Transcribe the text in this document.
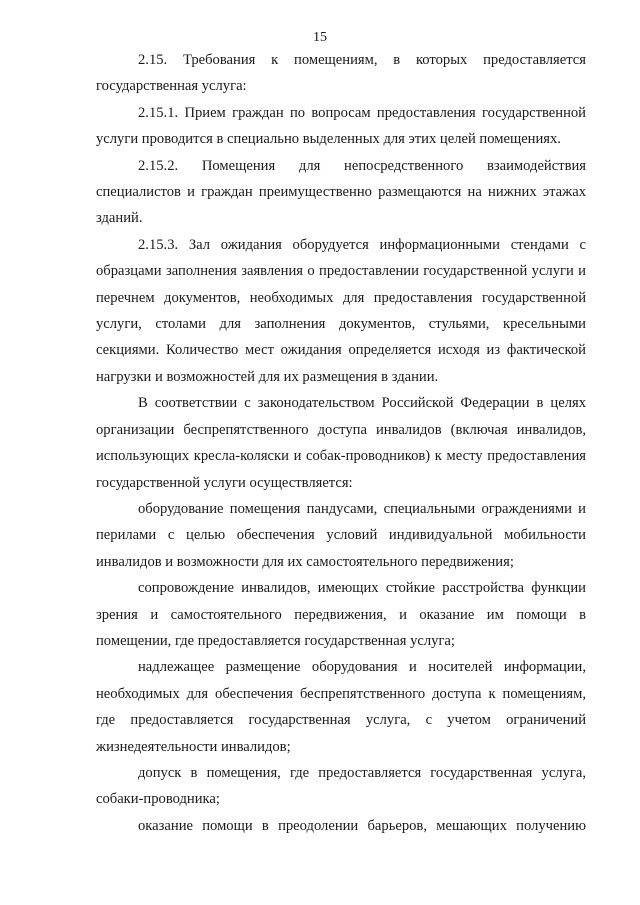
15

2.15. Требования к помещениям, в которых предоставляется государственная услуга:

2.15.1. Прием граждан по вопросам предоставления государственной услуги проводится в специально выделенных для этих целей помещениях.

2.15.2. Помещения для непосредственного взаимодействия специалистов и граждан преимущественно размещаются на нижних этажах зданий.

2.15.3. Зал ожидания оборудуется информационными стендами с образцами заполнения заявления о предоставлении государственной услуги и перечнем документов, необходимых для предоставления государственной услуги, столами для заполнения документов, стульями, кресельными секциями. Количество мест ожидания определяется исходя из фактической нагрузки и возможностей для их размещения в здании.

В соответствии с законодательством Российской Федерации в целях организации беспрепятственного доступа инвалидов (включая инвалидов, использующих кресла-коляски и собак-проводников) к месту предоставления государственной услуги осуществляется:

оборудование помещения пандусами, специальными ограждениями и перилами с целью обеспечения условий индивидуальной мобильности инвалидов и возможности для их самостоятельного передвижения;

сопровождение инвалидов, имеющих стойкие расстройства функции зрения и самостоятельного передвижения, и оказание им помощи в помещении, где предоставляется государственная услуга;

надлежащее размещение оборудования и носителей информации, необходимых для обеспечения беспрепятственного доступа к помещениям, где предоставляется государственная услуга, с учетом ограничений жизнедеятельности инвалидов;

допуск в помещения, где предоставляется государственная услуга, собаки-проводника;

оказание помощи в преодолении барьеров, мешающих получению
